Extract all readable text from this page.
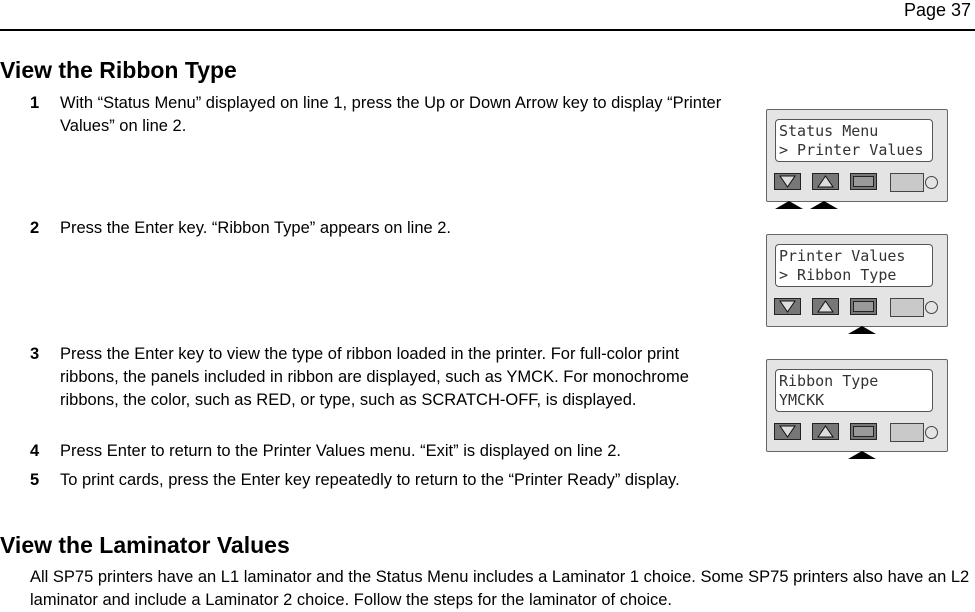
Page 37
View the Ribbon Type
1 With “Status Menu” displayed on line 1, press the Up or Down Arrow key to display “Printer Values” on line 2.
2 Press the Enter key. “Ribbon Type” appears on line 2.
3 Press the Enter key to view the type of ribbon loaded in the printer. For full-color print ribbons, the panels included in ribbon are displayed, such as YMCK. For monochrome ribbons, the color, such as RED, or type, such as SCRATCH-OFF, is displayed.
4 Press Enter to return to the Printer Values menu. “Exit” is displayed on line 2.
5 To print cards, press the Enter key repeatedly to return to the “Printer Ready” display.
View the Laminator Values
All SP75 printers have an L1 laminator and the Status Menu includes a Laminator 1 choice. Some SP75 printers also have an L2 laminator and include a Laminator 2 choice. Follow the steps for the laminator of choice.
Status Menu
> Printer Values
Printer Values
> Ribbon Type
Ribbon Type
YMCKK
